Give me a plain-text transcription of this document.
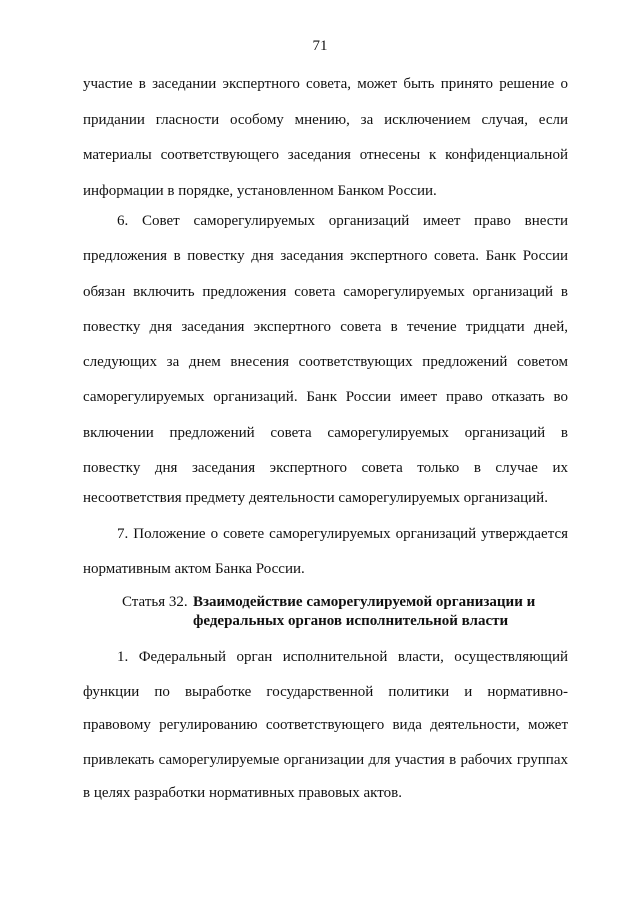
71
участие в заседании экспертного совета, может быть принято решение о
придании гласности особому мнению, за исключением случая, если
материалы соответствующего заседания отнесены к конфиденциальной
информации в порядке, установленном Банком России.
6. Совет саморегулируемых организаций имеет право внести
предложения в повестку дня заседания экспертного совета. Банк России
обязан включить предложения совета саморегулируемых организаций в
повестку дня заседания экспертного совета в течение тридцати дней,
следующих за днем внесения соответствующих предложений советом
саморегулируемых организаций. Банк России имеет право отказать во
включении предложений совета саморегулируемых организаций в
повестку дня заседания экспертного совета только в случае их
несоответствия предмету деятельности саморегулируемых организаций.
7. Положение о совете саморегулируемых организаций утверждается
нормативным актом Банка России.
Статья 32. Взаимодействие саморегулируемой организации и
федеральных органов исполнительной власти
1. Федеральный орган исполнительной власти, осуществляющий
функции по выработке государственной политики и нормативно-
правовому регулированию соответствующего вида деятельности, может
привлекать саморегулируемые организации для участия в рабочих группах
в целях разработки нормативных правовых актов.
